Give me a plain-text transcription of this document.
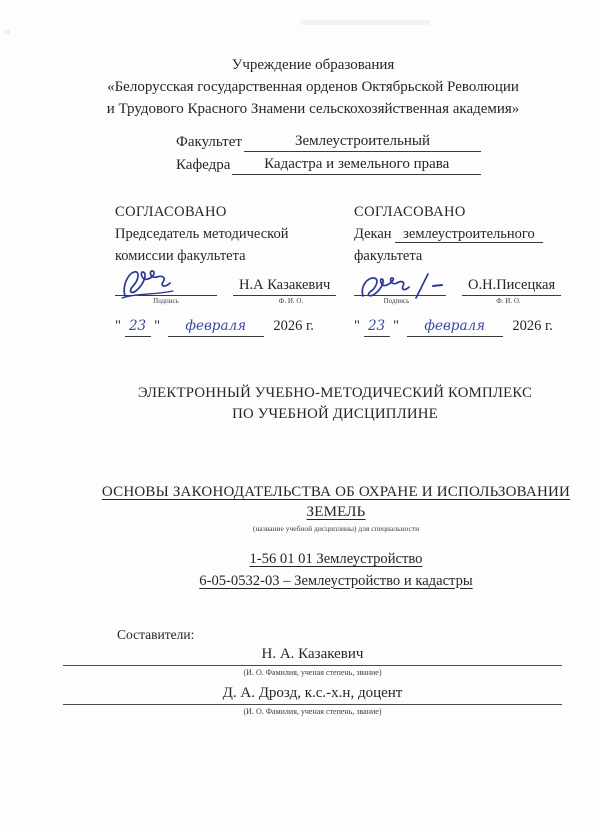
Учреждение образования
«Белорусская государственная орденов Октябрьской Революции
и Трудового Красного Знамени сельскохозяйственная академия»
Факультет	Землеустроительный
Кафедра	Кадастра и земельного права
СОГЛАСОВАНО
Председатель методической
комиссии факультета
Н.А Казакевич
Подпись	Ф. И. О.
" 23 " февраля 2026 г.
СОГЛАСОВАНО
Декан землеустроительного
факультета
О.Н.Писецкая
Подпись	Ф. И. О.
" 23 " февраля 2026 г.
ЭЛЕКТРОННЫЙ УЧЕБНО-МЕТОДИЧЕСКИЙ КОМПЛЕКС
ПО УЧЕБНОЙ ДИСЦИПЛИНЕ
ОСНОВЫ ЗАКОНОДАТЕЛЬСТВА ОБ ОХРАНЕ И ИСПОЛЬЗОВАНИИ
ЗЕМЕЛЬ
(название учебной дисциплины) для специальности
1-56 01 01 Землеустройство
6-05-0532-03 – Землеустройство и кадастры
Составители:
Н. А. Казакевич
(И. О. Фамилия, ученая степень, звание)
Д. А. Дрозд, к.с.-х.н, доцент
(И. О. Фамилия, ученая степень, звание)
